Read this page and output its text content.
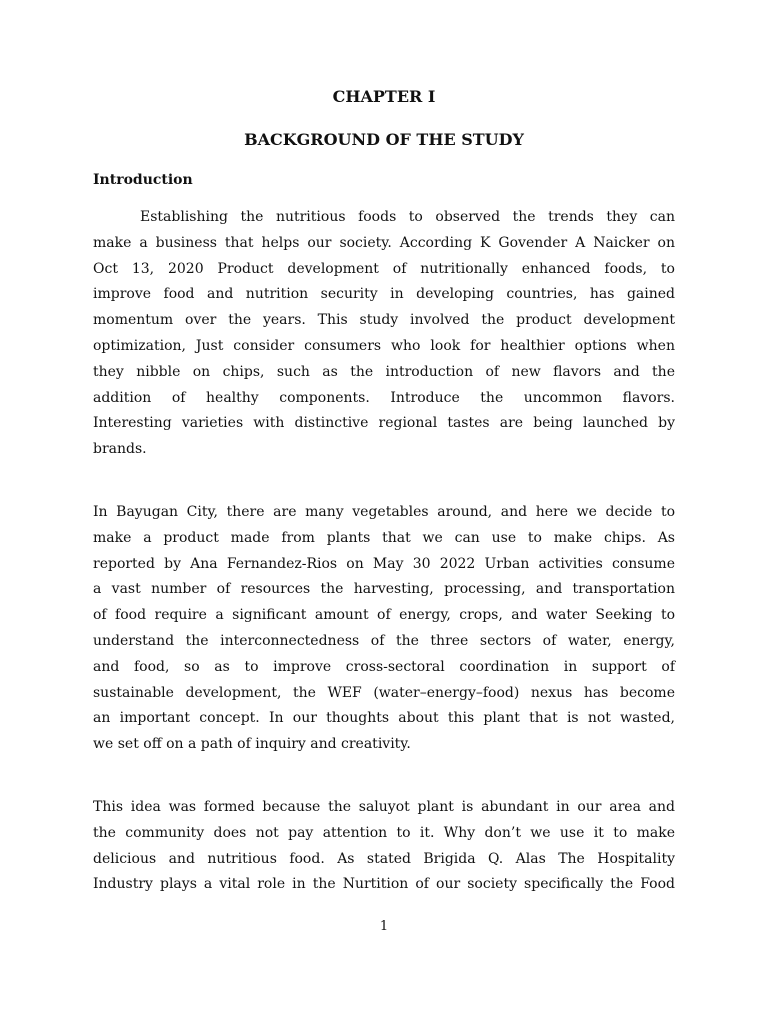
CHAPTER I
BACKGROUND OF THE STUDY
Introduction
Establishing the nutritious foods to observed the trends they can
make a business that helps our society. According K Govender A Naicker on
Oct 13, 2020 Product development of nutritionally enhanced foods, to
improve food and nutrition security in developing countries, has gained
momentum over the years. This study involved the product development
optimization, Just consider consumers who look for healthier options when
they nibble on chips, such as the introduction of new flavors and the
addition of healthy components. Introduce the uncommon flavors.
Interesting varieties with distinctive regional tastes are being launched by
brands.
In Bayugan City, there are many vegetables around, and here we decide to
make a product made from plants that we can use to make chips. As
reported by Ana Fernandez-Rios on May 30 2022 Urban activities consume
a vast number of resources the harvesting, processing, and transportation
of food require a significant amount of energy, crops, and water Seeking to
understand the interconnectedness of the three sectors of water, energy,
and food, so as to improve cross-sectoral coordination in support of
sustainable development, the WEF (water–energy–food) nexus has become
an important concept. In our thoughts about this plant that is not wasted,
we set off on a path of inquiry and creativity.
This idea was formed because the saluyot plant is abundant in our area and
the community does not pay attention to it. Why don’t we use it to make
delicious and nutritious food. As stated Brigida Q. Alas The Hospitality
Industry plays a vital role in the Nurtition of our society specifically the Food
1
